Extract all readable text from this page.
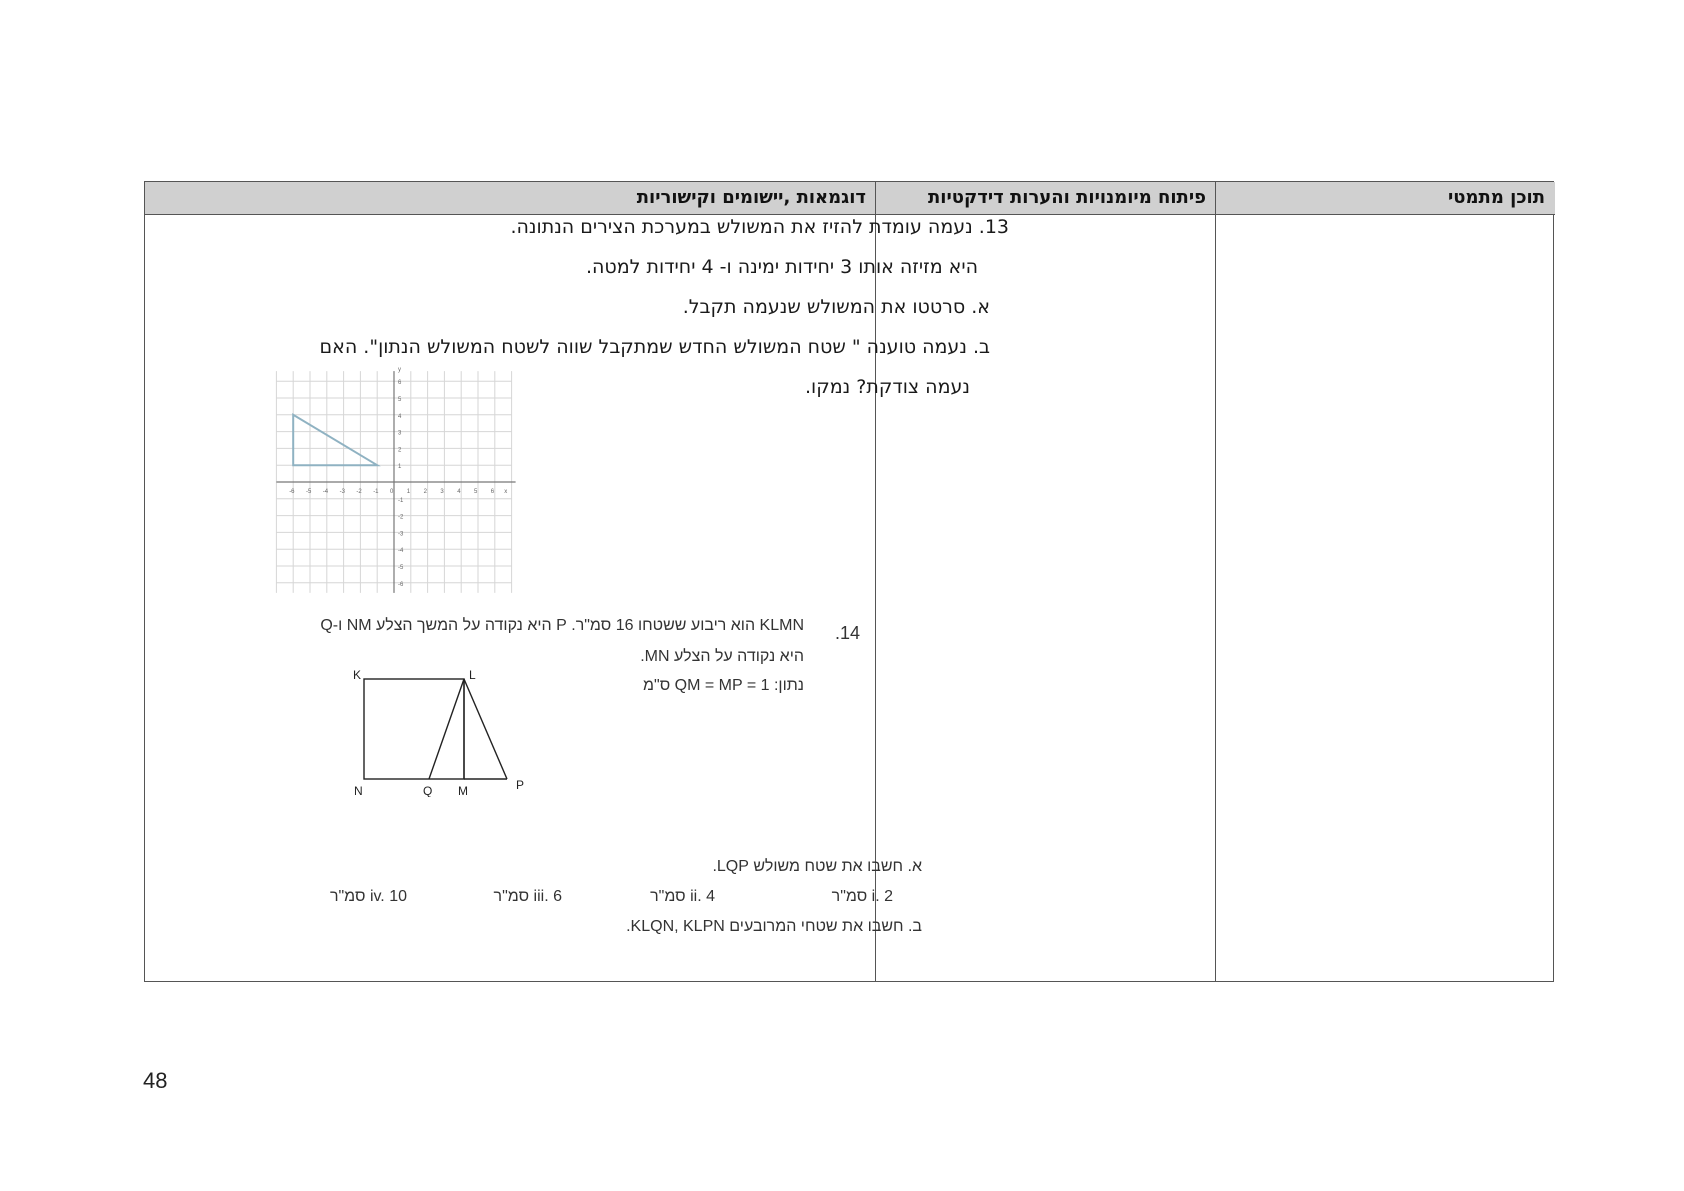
דוגמאות ,יישומים וקישוריות	פיתוח מיומנויות והערות דידקטיות	תוכן מתמטי
13. נעמה עומדת להזיז את המשולש במערכת הצירים הנתונה.
היא מזיזה אותו 3 יחידות ימינה ו- 4 יחידות למטה.
א. סרטטו את המשולש שנעמה תקבל.
ב. נעמה טוענה " שטח המשולש החדש שמתקבל שווה לשטח המשולש הנתון". האם
נעמה צודקת? נמקו.
-6 -5 -4 -3 -2 -1 0 1 2 3 4 5 6 x
y
6
5
4
3
2
1
-1
-2
-3
-4
-5
-6
.14
KLMN הוא ריבוע ששטחו 16 סמ"ר. P היא נקודה על המשך הצלע NM ו-Q
היא נקודה על הצלע MN.
נתון: QM = MP = 1 ס"מ
K	L
N	Q M	P
א. חשבו את שטח משולש LQP.
i. 2 סמ"ר
ii. 4 סמ"ר
iii. 6 סמ"ר
iv. 10 סמ"ר
ב. חשבו את שטחי המרובעים KLQN, KLPN.
48
